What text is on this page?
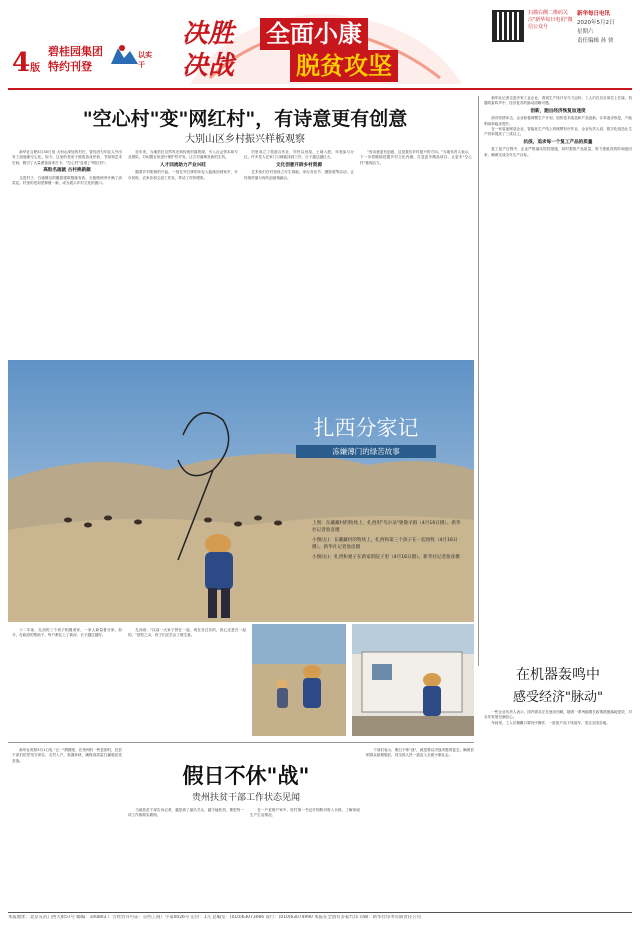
4版
碧桂园集团
特约刊登
以实干
决胜
决战
全面小康
脱贫攻坚
扫描右侧二维码关注"新华每日电讯"微信公众号
新华每日电讯
2020年5月2日
星期六
责任编辑 孙 侠
"空心村"变"网红村"，有诗意更有创意
大别山区乡村振兴样板观察

新华社合肥4月30日电 大别山深处的村庄，曾经因为年轻人外出务工而逐渐空心化。如今，这里的老房子被改造成民宿、书屋和艺术空间，吸引了大量游客前来打卡，"空心村"变成了"网红村"。

高粒名画就 古村换新颜

走进村子，白墙黛瓦的徽派建筑错落有致，石板路两旁开满了油菜花。村里的老祠堂修缮一新，成为展示乡村文化的窗口。

近年来，当地依托自然风光和传统村落资源，引入社会资本和专业团队，对闲置农房进行保护性开发，让古村落焕发新的生机。

人才回流助力产业兴旺

随着乡村旅游的兴起，一批在外打拼的年轻人陆续回到家乡，开办民宿、农家乐和文创工作室，带动了村民增收。

村里成立了旅游合作社，村民以房屋、土地入股，年底参与分红。许多老人在家门口就能找到工作，日子越过越红火。

文化创意开辟乡村资源

艺术家们在村里设立写生基地，举办音乐节、摄影展等活动，让传统村落与现代创意相融合。

"有诗意更有创意，这是我们乡村振兴的方向。"当地负责人表示，下一步将继续挖掘乡村文化内涵，打造更多精品项目，让更多"空心村"重现活力。

新华社记者走进多家工业企业，看到生产线开足马力运转，工人们在各自岗位上忙碌，机器的轰鸣声中，经济复苏的脉动清晰可感。

创新，跑出经济恢复加速度

面对疫情冲击，企业积极调整生产计划，加快技术改造和产品创新，订单逐步恢复，产能利用率稳步提升。

在一家装备制造企业，智能化生产线上机械臂有序作业，企业负责人说，数字化改造让生产效率提高了三成以上。

抗疫，追求每一个复工产品的质量

复工复产过程中，企业严格落实防控措施，同时狠抓产品质量，努力把耽误的时间抢回来，确保完成全年生产目标。

在机器轰鸣中
感受经济"脉动"

一些企业负责人表示，国内需求正在逐步回暖，随着一系列稳增长政策措施落地见效，对全年发展充满信心。

车间里，工人们佩戴口罩有序操作，一批批产品下线装车，发往全国各地。

扎西分家记
冻嫌薄门的绿苦故事
上图：在藏藏村的牧场上，扎西用"乌尔朵"驱散羊群（4月16日摄）。新华社记者詹彦摄
小图(左)：在藏藏村的牧场上，扎西和第三个孩子在一起放牧（4月16日摄）。新华社记者詹彦摄
小图(右)：扎西和妻子在新家的院子里（4月16日摄）。新华社记者詹彦摄

十二年前，扎西的三个孩子相继成家，一家人商量着分家。如今，在政府的帮助下，每户都住上了新房，日子越过越好。

扎西说："以前一大家子挤在一起，现在各过各的，但心还是在一起的。"放牧之余，孩子们还学会了做生意。

新华社贵阳5月1日电 "五一"假期里，在贵州的一些贫困村，扶贫干部们依然坚守岗位，走村入户，查漏补缺，确保高质量打赢脱贫攻坚战。

假日不休"战"
贵州扶贫干部工作状态见闻

当地扶贫干部告诉记者，越是到了最后关头，越不能松劲，要把每一项工作都做实做细。

在一户贫困户家中，驻村第一书记仔细核对收入台账，了解家庭生产生活情况。

干部们表示，假日不休"战"，就是要以决战决胜的姿态，确保贫困群众如期脱贫，同全国人民一道迈入全面小康社会。

本报地址：北京宣武门西大街57号 邮编：100803 广告经营许可证：京西工商广字第0026号 定价：1元 总编室：(010)63073066 发行：(010)63074990 本报在全国有多家代印 印刷：新华社印务有限责任公司
